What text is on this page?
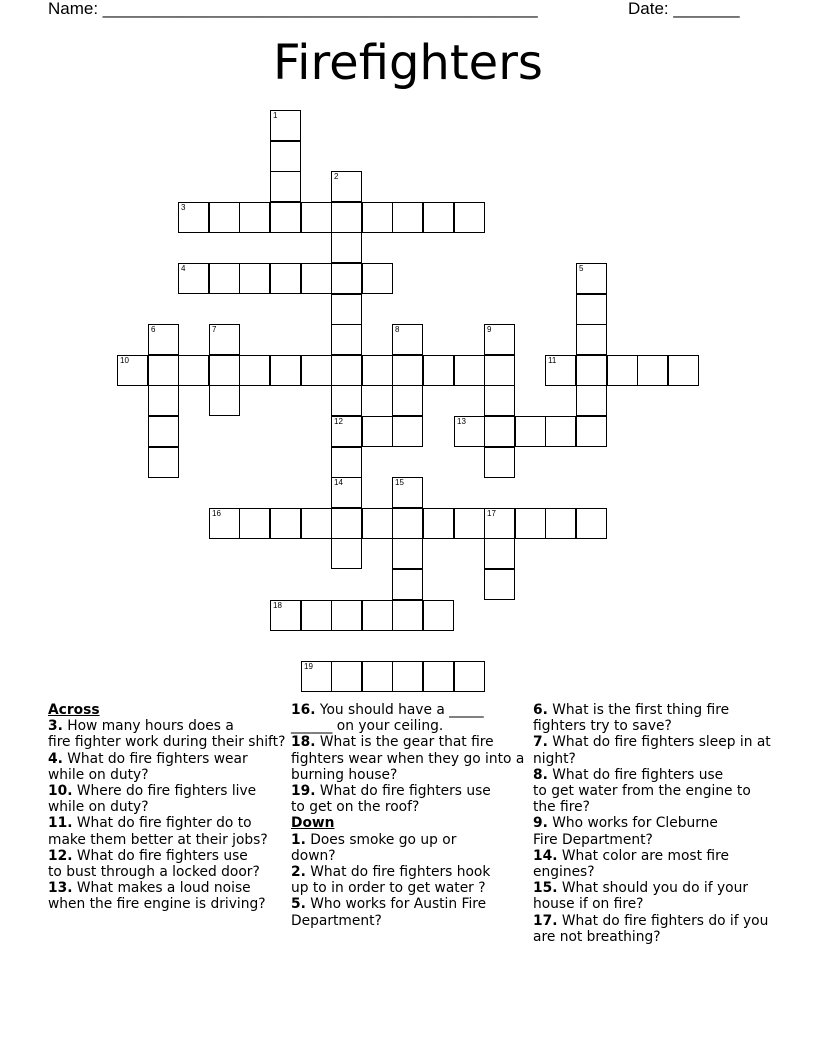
Name: ______________________________________________	Date: _______
Firefighters
1
2
12
3
4	5
6	7	8	9
10	11
13
14	15
16	17
18
19
Across
3. How many hours does a
fire fighter work during their shift?
4. What do fire fighters wear while on duty?
10. Where do fire fighters live while on duty?
11. What do fire fighter do to make them better at their jobs?
12. What do fire fighters use
to bust through a locked door?
13. What makes a loud noise when the fire engine is driving?
16. You should have a _____
______ on your ceiling.
18. What is the gear that fire fighters wear when they go into a burning house?
19. What do fire fighters use
to get on the roof?
Down
1. Does smoke go up or
down?
2. What do fire fighters hook
up to in order to get water ?
5. Who works for Austin Fire Department?
6. What is the first thing fire fighters try to save?
7. What do fire fighters sleep in at night?
8. What do fire fighters use
to get water from the engine to the fire?
9. Who works for Cleburne
Fire Department?
14. What color are most fire engines?
15. What should you do if your house if on fire?
17. What do fire fighters do if you are not breathing?
